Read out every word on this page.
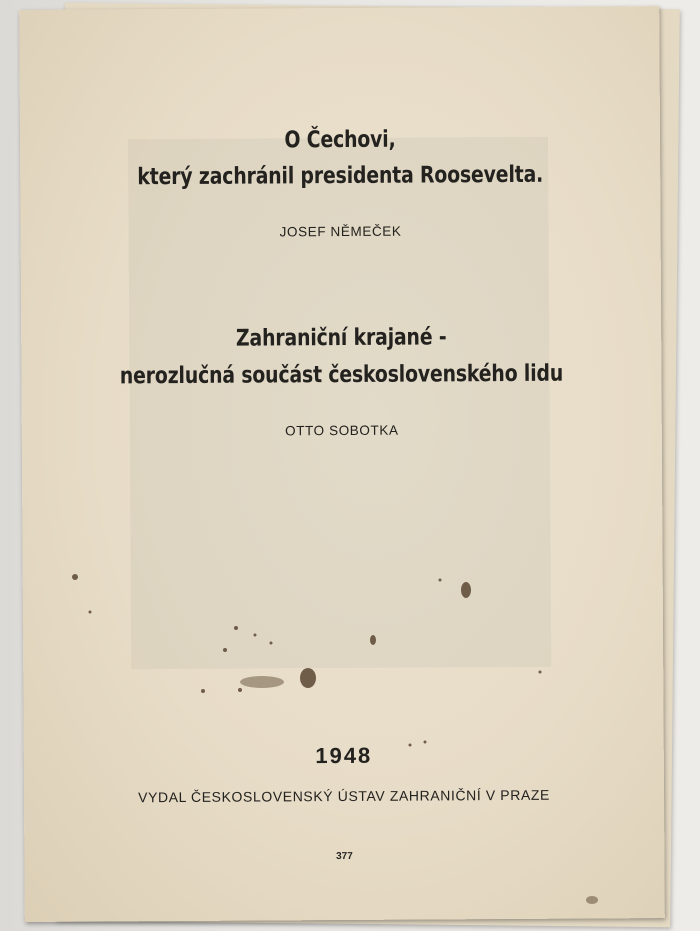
O Čechovi,
který zachránil presidenta Roosevelta.
JOSEF NĚMEČEK
Zahraniční krajané -
nerozlučná součást československého lidu
OTTO SOBOTKA
1948
VYDAL ČESKOSLOVENSKÝ ÚSTAV ZAHRANIČNÍ V PRAZE
377
